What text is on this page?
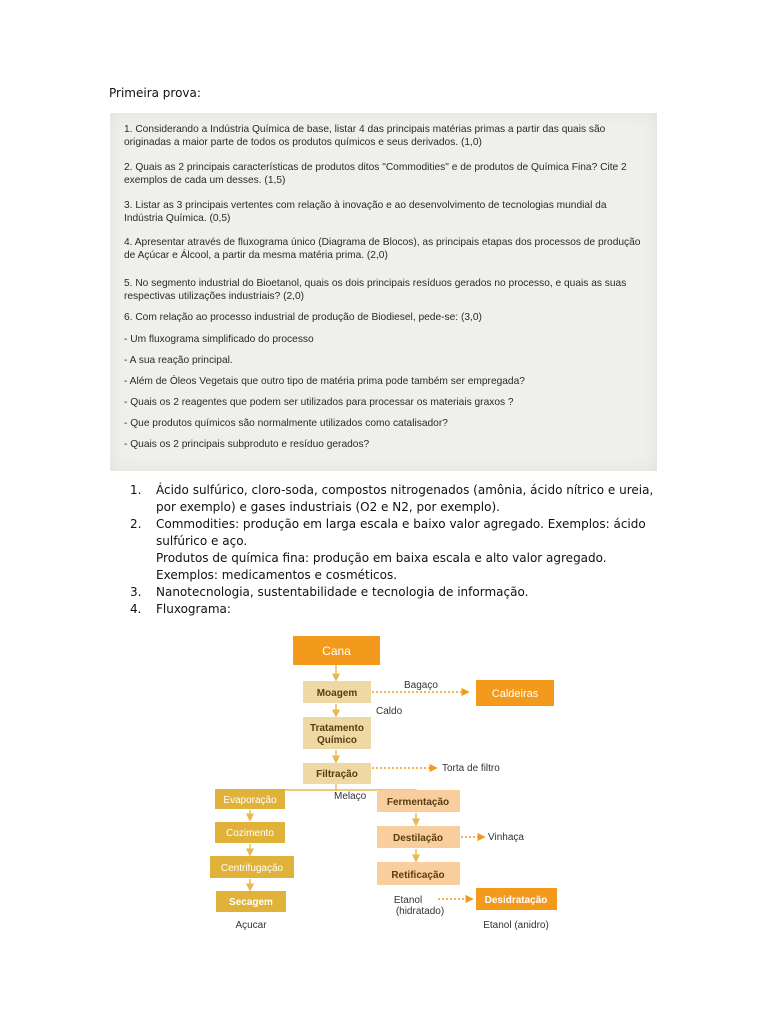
Primeira prova:
1. Considerando a Indústria Química de base, listar 4 das principais matérias primas a partir das quais são originadas a maior parte de todos os produtos químicos e seus derivados. (1,0)
2. Quais as 2 principais características de produtos ditos "Commodities" e de produtos de Química Fina? Cite 2 exemplos de cada um desses. (1,5)
3. Listar as 3 principais vertentes com relação à inovação e ao desenvolvimento de tecnologias mundial da Indústria Química. (0,5)
4. Apresentar através de fluxograma único (Diagrama de Blocos), as principais etapas dos processos de produção de Açúcar e Álcool, a partir da mesma matéria prima. (2,0)
5. No segmento industrial do Bioetanol, quais os dois principais resíduos gerados no processo, e quais as suas respectivas utilizações industriais? (2,0)
6. Com relação ao processo industrial de produção de Biodiesel, pede-se: (3,0)
- Um fluxograma simplificado do processo
- A sua reação principal.
- Além de Óleos Vegetais que outro tipo de matéria prima pode também ser empregada?
- Quais os 2 reagentes que podem ser utilizados para processar os materiais graxos ?
- Que produtos químicos são normalmente utilizados como catalisador?
- Quais os 2 principais subproduto e resíduo gerados?
1. Ácido sulfúrico, cloro-soda, compostos nitrogenados (amônia, ácido nítrico e ureia, por exemplo) e gases industriais (O2 e N2, por exemplo).
2. Commodities: produção em larga escala e baixo valor agregado. Exemplos: ácido sulfúrico e aço.
Produtos de química fina: produção em baixa escala e alto valor agregado. Exemplos: medicamentos e cosméticos.
3. Nanotecnologia, sustentabilidade e tecnologia de informação.
4. Fluxograma:
Cana
Moagem	Caldeiras
Tratamento
Químico
Filtração
Evaporação
Cozimento
Centrifugação
Secagem
Fermentação
Destilação
Retificação
Desidratação
Bagaço
Caldo
Torta de filtro
Melaço
Vinhaça
Etanol
(hidratado)
Etanol (anidro)
Açucar
